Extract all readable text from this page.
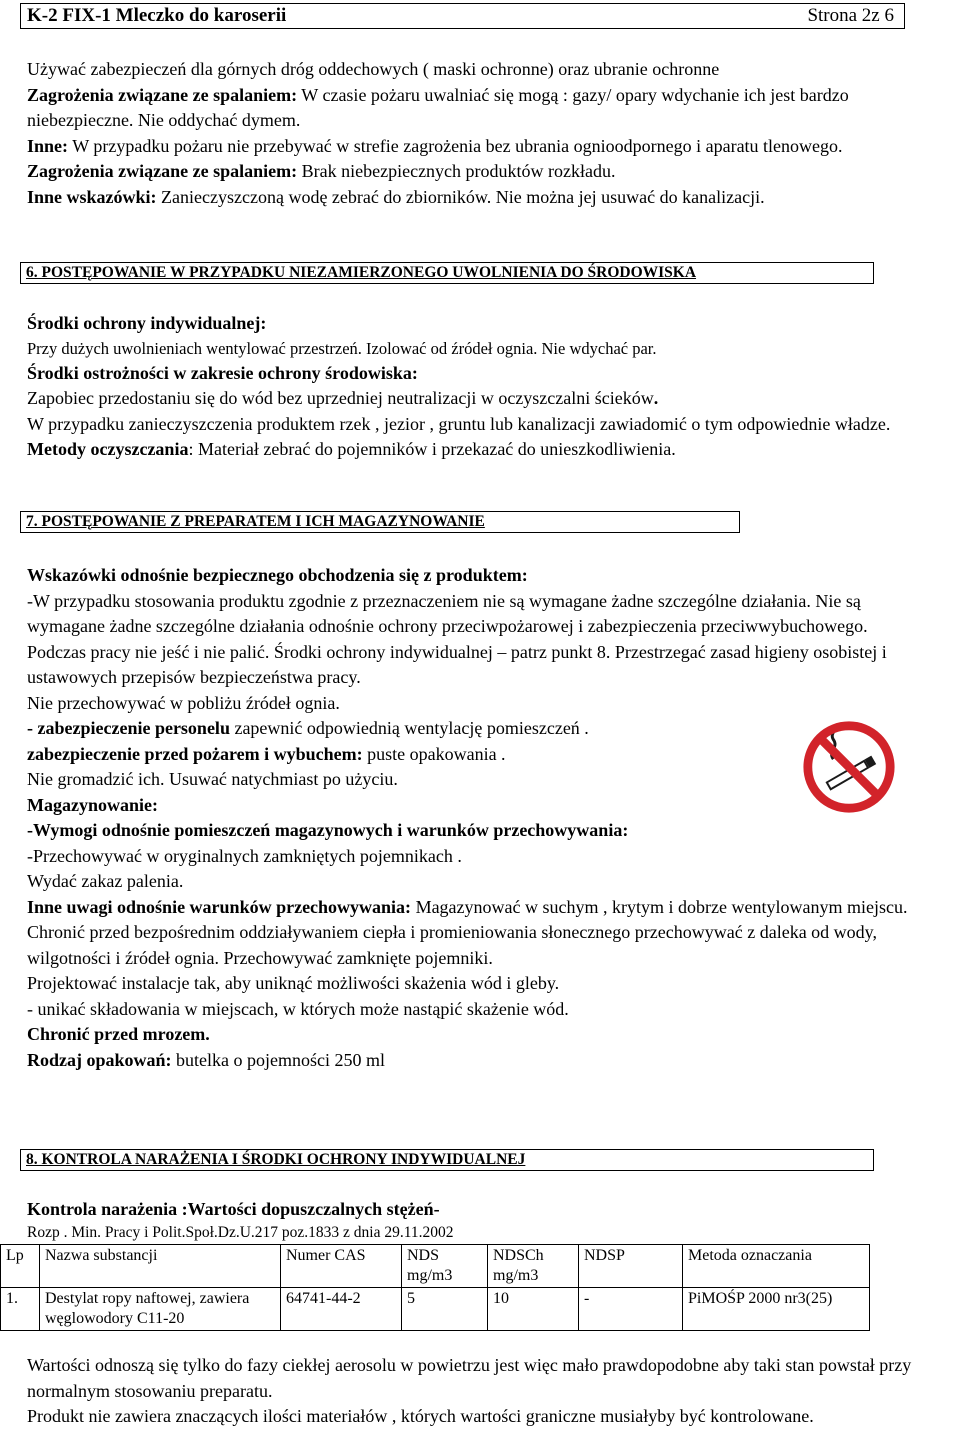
K-2 FIX-1 Mleczko do karoserii	Strona 2z 6

Używać zabezpieczeń dla górnych dróg oddechowych ( maski ochronne) oraz ubranie ochronne

Zagrożenia związane ze spalaniem: W czasie pożaru uwalniać się mogą : gazy/ opary wdychanie ich jest bardzo niebezpieczne. Nie oddychać dymem.

Inne: W przypadku pożaru nie przebywać w strefie zagrożenia bez ubrania ognioodpornego i aparatu tlenowego.

Zagrożenia związane ze spalaniem: Brak niebezpiecznych produktów rozkładu.

Inne wskazówki: Zanieczyszczoną wodę zebrać do zbiorników. Nie można jej usuwać do kanalizacji.

6. POSTĘPOWANIE W PRZYPADKU NIEZAMIERZONEGO UWOLNIENIA DO ŚRODOWISKA

Środki ochrony indywidualnej:

Przy dużych uwolnieniach wentylować przestrzeń. Izolować od źródeł ognia. Nie wdychać par.

Środki ostrożności w zakresie ochrony środowiska:

Zapobiec przedostaniu się do wód bez uprzedniej neutralizacji w oczyszczalni ścieków.

W przypadku zanieczyszczenia produktem rzek , jezior , gruntu lub kanalizacji zawiadomić o tym odpowiednie władze.

Metody oczyszczania: Materiał zebrać do pojemników i przekazać do unieszkodliwienia.

7. POSTĘPOWANIE Z PREPARATEM I ICH MAGAZYNOWANIE

Wskazówki odnośnie bezpiecznego obchodzenia się z produktem:

-W przypadku stosowania produktu zgodnie z przeznaczeniem nie są wymagane żadne szczególne działania. Nie są wymagane żadne szczególne działania odnośnie ochrony przeciwpożarowej i zabezpieczenia przeciwwybuchowego.

Podczas pracy nie jeść i nie palić. Środki ochrony indywidualnej – patrz punkt 8. Przestrzegać zasad higieny osobistej i ustawowych przepisów bezpieczeństwa pracy.

Nie przechowywać w pobliżu źródeł ognia.

- zabezpieczenie personelu zapewnić odpowiednią wentylację pomieszczeń .

zabezpieczenie przed pożarem i wybuchem: puste opakowania .

Nie gromadzić ich. Usuwać natychmiast po użyciu.

Magazynowanie:

-Wymogi odnośnie pomieszczeń magazynowych i warunków przechowywania:

-Przechowywać w oryginalnych zamkniętych pojemnikach .

Wydać zakaz palenia.

Inne uwagi odnośnie warunków przechowywania: Magazynować w suchym , krytym i dobrze wentylowanym miejscu. Chronić przed bezpośrednim oddziaływaniem ciepła i promieniowania słonecznego przechowywać z daleka od wody, wilgotności i źródeł ognia. Przechowywać zamknięte pojemniki.

Projektować instalacje tak, aby uniknąć możliwości skażenia wód i gleby.

- unikać składowania w miejscach, w których może nastąpić skażenie wód.

Chronić przed mrozem.

Rodzaj opakowań: butelka o pojemności 250 ml

8. KONTROLA NARAŻENIA I ŚRODKI OCHRONY INDYWIDUALNEJ

Kontrola narażenia :Wartości dopuszczalnych stężeń-

Rozp . Min. Pracy i Polit.Społ.Dz.U.217 poz.1833 z dnia 29.11.2002
Lp	Nazwa substancji	Numer CAS	NDS mg/m3	NDSCh mg/m3	NDSP	Metoda oznaczania
1.	Destylat ropy naftowej, zawiera węglowodory C11-20	64741-44-2	5	10	-	PiMOŚP 2000 nr3(25)

Wartości odnoszą się tylko do fazy ciekłej aerosolu w powietrzu jest więc mało prawdopodobne aby taki stan powstał przy normalnym stosowaniu preparatu.

Produkt nie zawiera znaczących ilości materiałów , których wartości graniczne musiałyby być kontrolowane.
